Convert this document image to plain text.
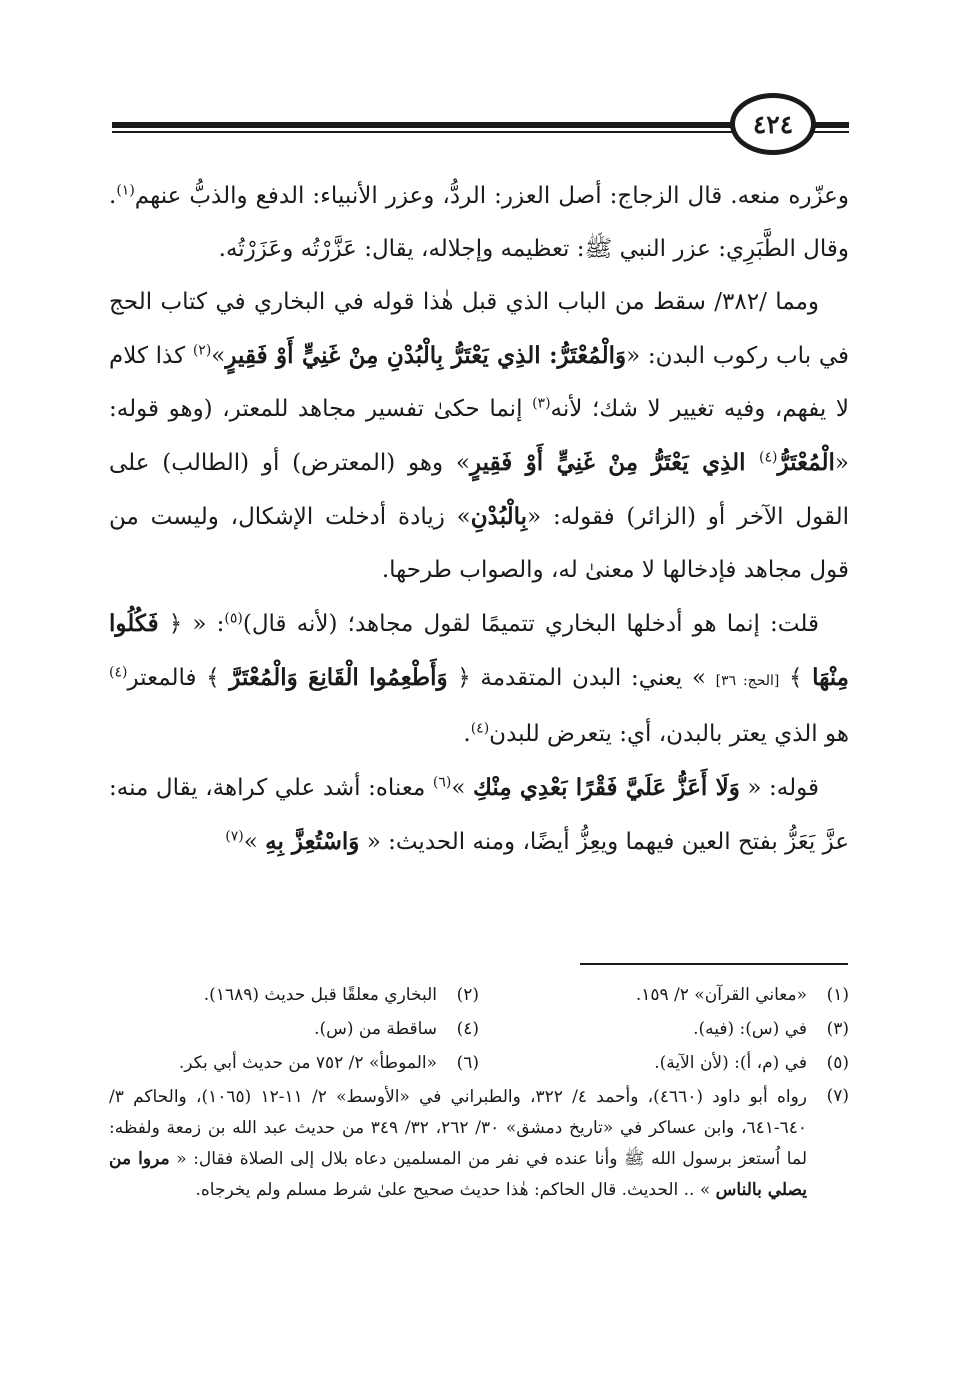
٤٢٤

وعزّره منعه. قال الزجاج: أصل العزر: الردُّ، وعزر الأنبياء: الدفع والذبُّ عنهم$^{(١)}$. وقال الطَّبَرِي: عزر النبي ﷺ: تعظيمه وإجلاله، يقال: عَزَّرْتُه وعَزَرْتُه.

ومما /٣٨٢/ سقط من الباب الذي قبل هٰذا قوله في البخاري في كتاب الحج في باب ركوب البدن: «وَالْمُعْتَرُّ: الذِي يَعْتَرُّ بِالْبُدْنِ مِنْ غَنِيٍّ أَوْ فَقِيرٍ»$^{(٢)}$ كذا كلام لا يفهم، وفيه تغيير لا شك؛ لأنه$^{(٣)}$ إنما حكىٰ تفسير مجاهد للمعتر، (وهو قوله: «الْمُعْتَرُّ$^{(٤)}$ الذِي يَعْتَرُّ مِنْ غَنِيٍّ أَوْ فَقِيرٍ» وهو (المعترض) أو (الطالب) على القول الآخر أو (الزائر) فقوله: «بِالْبُدْنِ» زيادة أدخلت الإشكال، وليست من قول مجاهد فإدخالها لا معنىٰ له، والصواب طرحها.

قلت: إنما هو أدخلها البخاري تتميمًا لقول مجاهد؛ (لأنه قال)$^{(٥)}$: « ﴿ فَكُلُوا مِنْهَا ﴾ [الحج: ٣٦] » يعني: البدن المتقدمة ﴿ وَأَطْعِمُوا الْقَانِعَ وَالْمُعْتَرَّ ﴾ فالمعتر$^{(٤)}$ هو الذي يعتر بالبدن، أي: يتعرض للبدن$^{(٤)}$.

قوله: « وَلَا أَعَزُّ عَلَيَّ فَقْرًا بَعْدِي مِنْكِ »$^{(٦)}$ معناه: أشد علي كراهة، يقال منه: عزَّ يَعَزُّ بفتح العين فيهما ويعِزُّ أيضًا، ومنه الحديث: « وَاسْتُعِزَّ بِهِ »$^{(٧)}$

(١)
«معاني القرآن» ٢/ ١٥٩.
(٢)
البخاري معلقًا قبل حديث (١٦٨٩).
(٣)
في (س): (فيه).
(٤)
ساقطة من (س).
(٥)
في (م، أ): (لأن الآية).
(٦)
«الموطأ» ٢/ ٧٥٢ من حديث أبي بكر.
(٧)
رواه أبو داود (٤٦٦٠)، وأحمد ٤/ ٣٢٢، والطبراني في «الأوسط» ٢/ ١١-١٢ (١٠٦٥)، والحاكم ٣/ ٦٤٠-٦٤١، وابن عساكر في «تاريخ دمشق» ٣٠/ ٢٦٢، ٣٢/ ٣٤٩ من حديث عبد الله بن زمعة ولفظه: لما اُستعز برسول الله ﷺ وأنا عنده في نفر من المسلمين دعاه بلال إلى الصلاة فقال: « مروا من يصلي بالناس » .. الحديث. قال الحاكم: هٰذا حديث صحيح علىٰ شرط مسلم ولم يخرجاه.
